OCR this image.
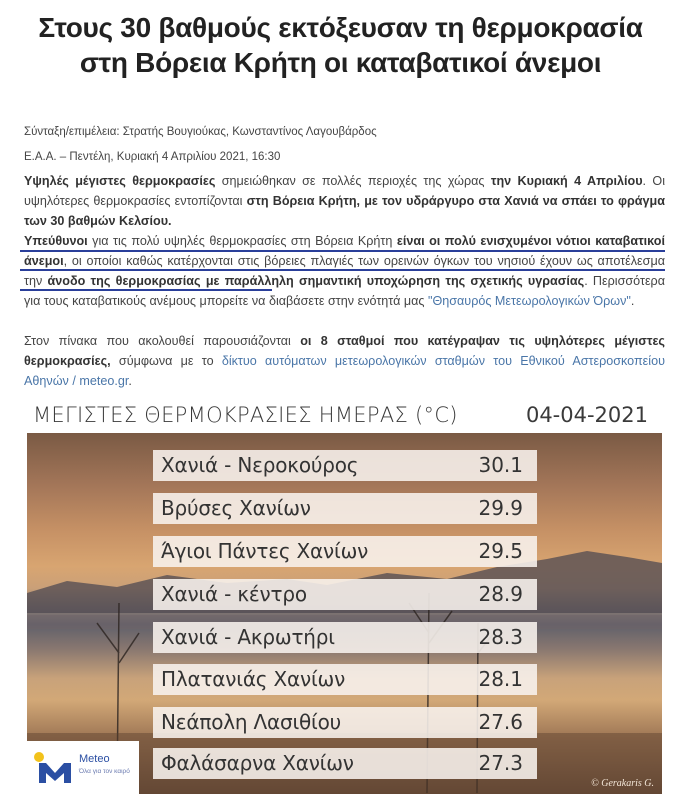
Στους 30 βαθμούς εκτόξευσαν τη θερμοκρασία στη Βόρεια Κρήτη οι καταβατικοί άνεμοι
Σύνταξη/επιμέλεια: Στρατής Βουγιούκας, Κωνσταντίνος Λαγουβάρδος
Ε.Α.Α. – Πεντέλη, Κυριακή 4 Απριλίου 2021, 16:30

Υψηλές μέγιστες θερμοκρασίες σημειώθηκαν σε πολλές περιοχές της χώρας την Κυριακή 4 Απριλίου. Οι υψηλότερες θερμοκρασίες εντοπίζονται στη Βόρεια Κρήτη, με τον υδράργυρο στα Χανιά να σπάει το φράγμα των 30 βαθμών Κελσίου.

Υπεύθυνοι για τις πολύ υψηλές θερμοκρασίες στη Βόρεια Κρήτη είναι οι πολύ ενισχυμένοι νότιοι καταβατικοί άνεμοι, οι οποίοι καθώς κατέρχονται στις βόρειες πλαγιές των ορεινών όγκων του νησιού έχουν ως αποτέλεσμα την άνοδο της θερμοκρασίας με παράλληλη σημαντική υποχώρηση της σχετικής υγρασίας. Περισσότερα για τους καταβατικούς ανέμους μπορείτε να διαβάσετε στην ενότητά μας "Θησαυρός Μετεωρολογικών Όρων".

Στον πίνακα που ακολουθεί παρουσιάζονται οι 8 σταθμοί που κατέγραψαν τις υψηλότερες μέγιστες θερμοκρασίες, σύμφωνα με το δίκτυο αυτόματων μετεωρολογικών σταθμών του Εθνικού Αστεροσκοπείου Αθηνών / meteo.gr.

ΜΕΓΙΣΤΕΣ ΘΕΡΜΟΚΡΑΣΙΕΣ ΗΜΕΡΑΣ (°C)	04-04-2021
Χανιά - Νεροκούρος	30.1
Βρύσες Χανίων	29.9
Άγιοι Πάντες Χανίων	29.5
Χανιά - κέντρο	28.9
Χανιά - Ακρωτήρι	28.3
Πλατανιάς Χανίων	28.1
Νεάπολη Λασιθίου	27.6
Φαλάσαρνα Χανίων	27.3
Meteo
Όλα για τον καιρό
© Gerakaris G.
